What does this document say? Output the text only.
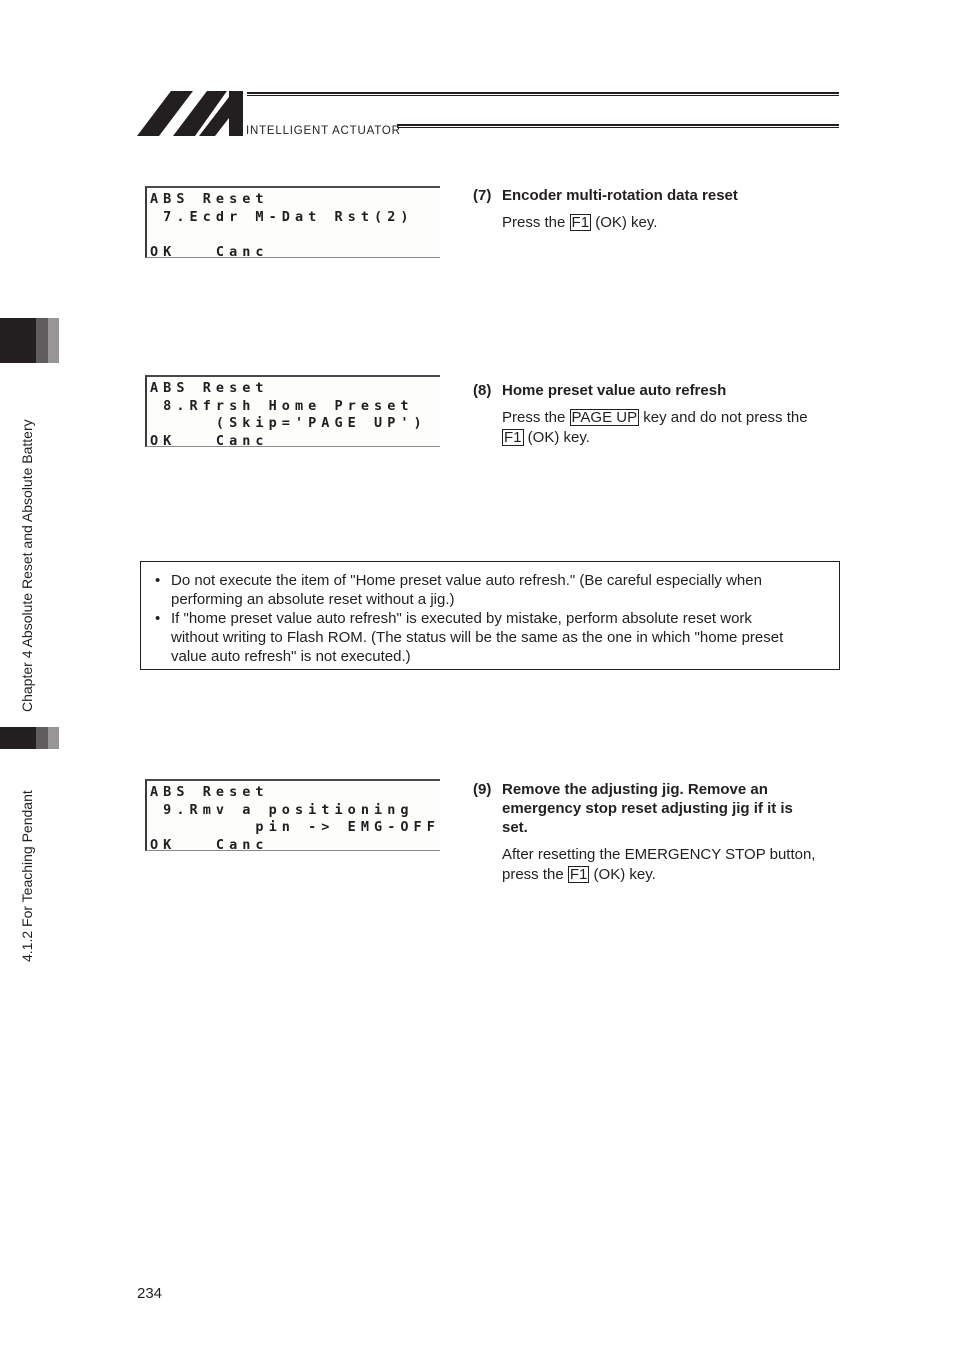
INTELLIGENT ACTUATOR
Chapter 4 Absolute Reset and Absolute Battery
4.1.2 For Teaching Pendant
ABS Reset
7.Ecdr M-Dat Rst(2)
OK   Canc
(7) Encoder multi-rotation data reset
Press the F1 (OK) key.
ABS Reset
8.Rfrsh Home Preset
(Skip='PAGE UP')
OK   Canc
(8) Home preset value auto refresh
Press the PAGE UP key and do not press the
F1 (OK) key.
• Do not execute the item of "Home preset value auto refresh." (Be careful especially when
performing an absolute reset without a jig.)
• If "home preset value auto refresh" is executed by mistake, perform absolute reset work
without writing to Flash ROM. (The status will be the same as the one in which "home preset
value auto refresh" is not executed.)
ABS Reset
9.Rmv a positioning
pin -> EMG-OFF
OK   Canc
(9) Remove the adjusting jig. Remove an
emergency stop reset adjusting jig if it is
set.
After resetting the EMERGENCY STOP button,
press the F1 (OK) key.
234
